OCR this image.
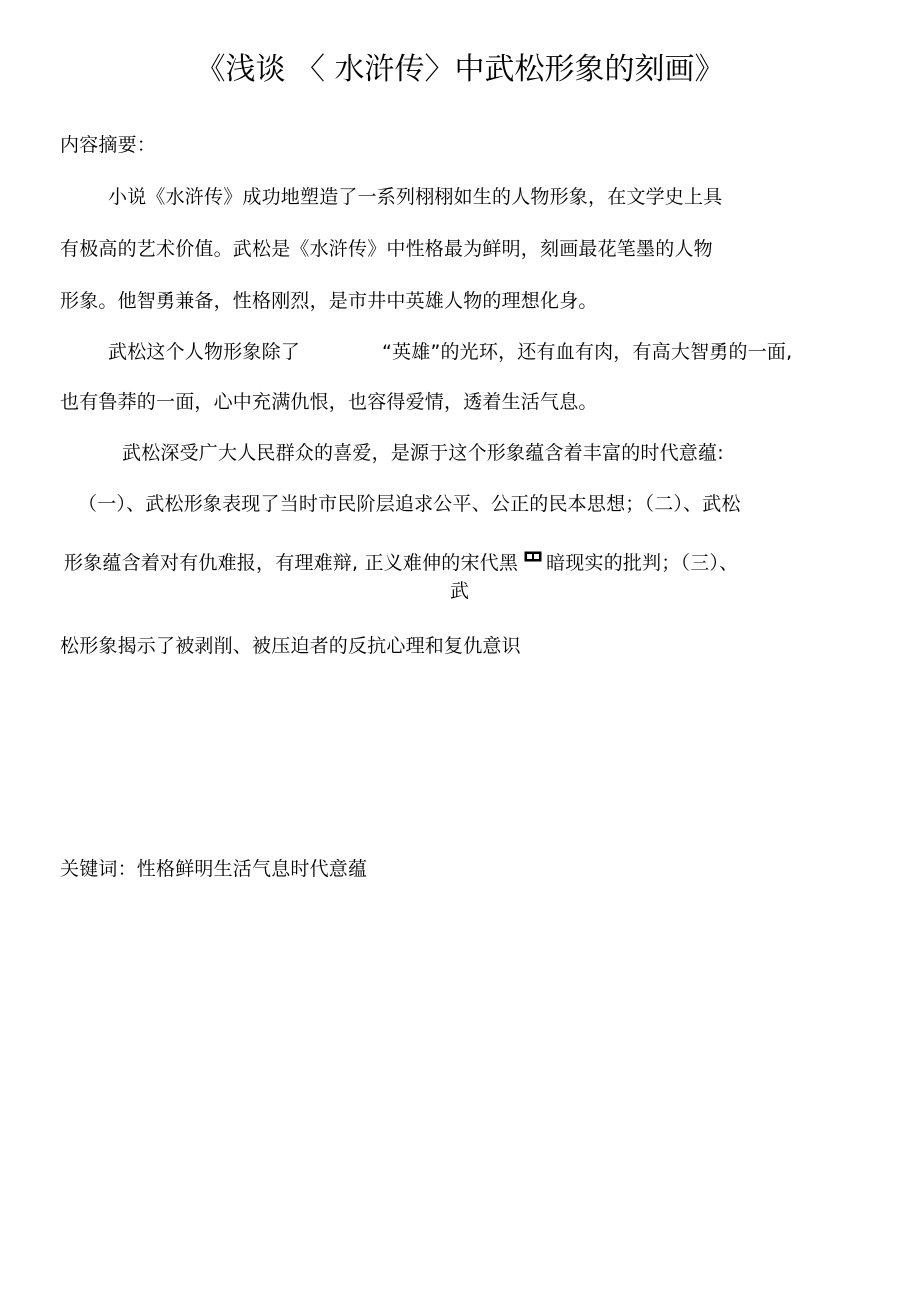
《浅谈 〈 水浒传〉中武松形象的刻画》
内容摘要：
小说《水浒传》成功地塑造了一系列栩栩如生的人物形象，在文学史上具
有极高的艺术价值。武松是《水浒传》中性格最为鲜明，刻画最花笔墨的人物
形象。他智勇兼备，性格刚烈，是市井中英雄人物的理想化身。
武松这个人物形象除了	“英雄”的光环，还有血有肉，有高大智勇的一面,
也有鲁莽的一面，心中充满仇恨，也容得爱情，透着生活气息。
武松深受广大人民群众的喜爱，是源于这个形象蕴含着丰富的时代意蕴:
（一）、武松形象表现了当时市民阶层追求公平、公正的民本思想；（二）、武松
形象蕴含着对有仇难报，有理难辩, 正义难伸的宋代黑 暗现实的批判；（三）、
武
松形象揭示了被剥削、被压迫者的反抗心理和复仇意识
关键词：性格鲜明生活气息时代意蕴
